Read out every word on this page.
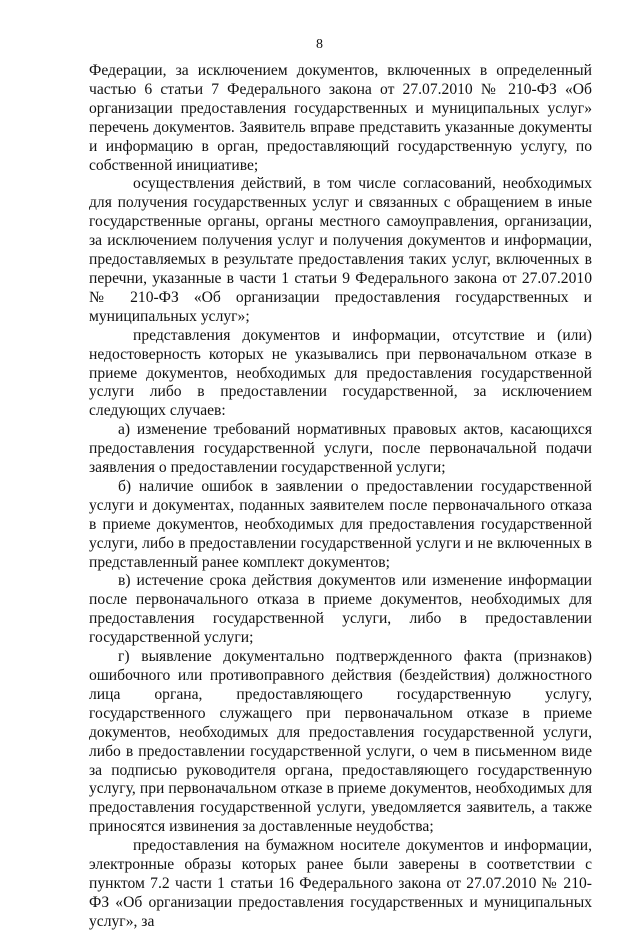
8

Федерации, за исключением документов, включенных в определенный частью 6 статьи 7 Федерального закона от 27.07.2010 № 210-ФЗ «Об организации предоставления государственных и муниципальных услуг» перечень документов. Заявитель вправе представить указанные документы и информацию в орган, предоставляющий государственную услугу, по собственной инициативе;

осуществления действий, в том числе согласований, необходимых для получения государственных услуг и связанных с обращением в иные государственные органы, органы местного самоуправления, организации, за исключением получения услуг и получения документов и информации, предоставляемых в результате предоставления таких услуг, включенных в перечни, указанные в части 1 статьи 9 Федерального закона от 27.07.2010 № 210-ФЗ «Об организации предоставления государственных и муниципальных услуг»;

представления документов и информации, отсутствие и (или) недостоверность которых не указывались при первоначальном отказе в приеме документов, необходимых для предоставления государственной услуги либо в предоставлении государственной, за исключением следующих случаев:

а) изменение требований нормативных правовых актов, касающихся предоставления государственной услуги, после первоначальной подачи заявления о предоставлении государственной услуги;

б) наличие ошибок в заявлении о предоставлении государственной услуги и документах, поданных заявителем после первоначального отказа в приеме документов, необходимых для предоставления государственной услуги, либо в предоставлении государственной услуги и не включенных в представленный ранее комплект документов;

в) истечение срока действия документов или изменение информации после первоначального отказа в приеме документов, необходимых для предоставления государственной услуги, либо в предоставлении государственной услуги;

г) выявление документально подтвержденного факта (признаков) ошибочного или противоправного действия (бездействия) должностного лица органа, предоставляющего государственную услугу, государственного служащего при первоначальном отказе в приеме документов, необходимых для предоставления государственной услуги, либо в предоставлении государственной услуги, о чем в письменном виде за подписью руководителя органа, предоставляющего государственную услугу, при первоначальном отказе в приеме документов, необходимых для предоставления государственной услуги, уведомляется заявитель, а также приносятся извинения за доставленные неудобства;

предоставления на бумажном носителе документов и информации, электронные образы которых ранее были заверены в соответствии с пунктом 7.2 части 1 статьи 16 Федерального закона от 27.07.2010 № 210-ФЗ «Об организации предоставления государственных и муниципальных услуг», за
